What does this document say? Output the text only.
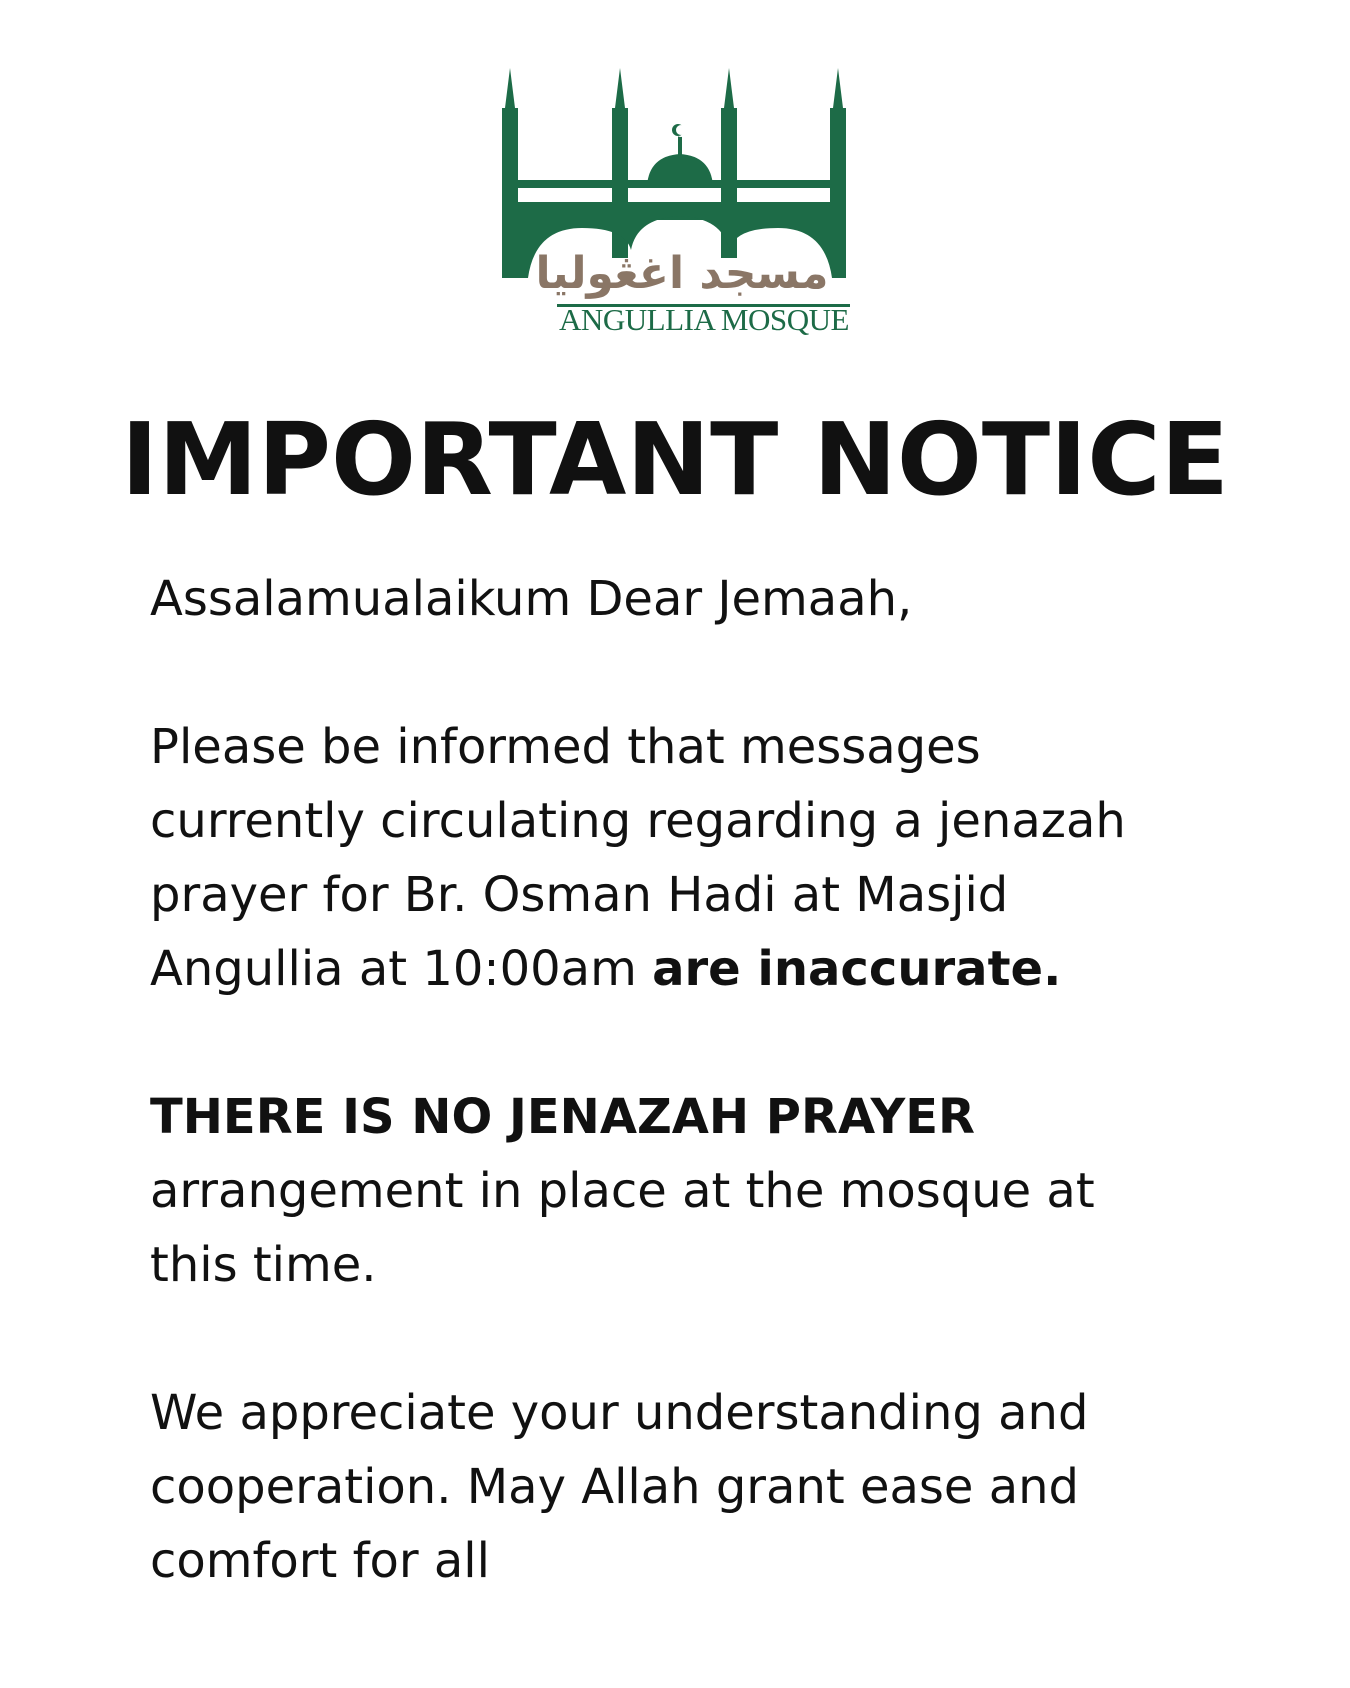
مسجد اغڠوليا
ANGULLIA MOSQUE
IMPORTANT NOTICE

Assalamualaikum Dear Jemaah,

Please be informed that messages

currently circulating regarding a jenazah

prayer for Br. Osman Hadi at Masjid

Angullia at 10:00am are inaccurate.

THERE IS NO JENAZAH PRAYER

arrangement in place at the mosque at

this time.

We appreciate your understanding and

cooperation. May Allah grant ease and

comfort for all
